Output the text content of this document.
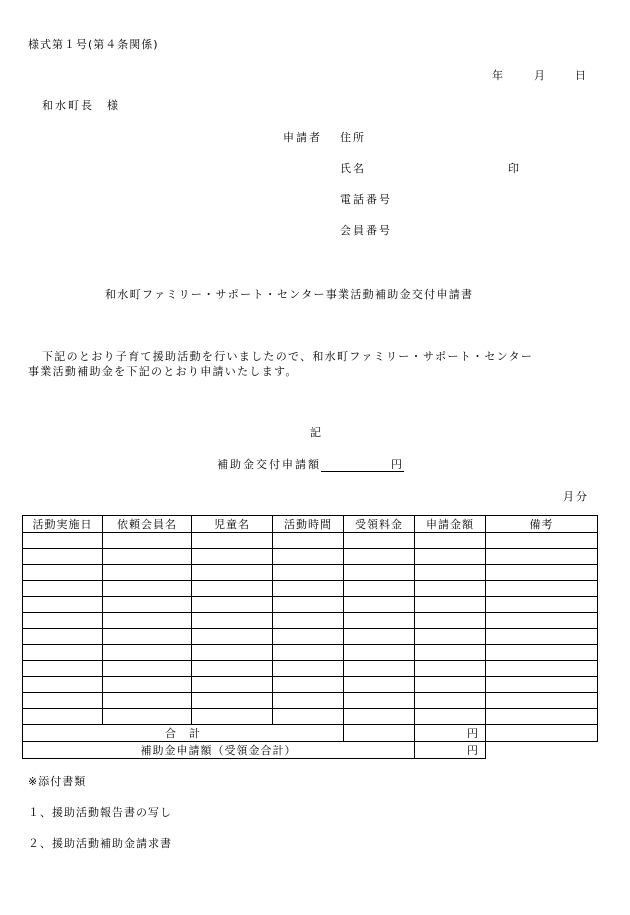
様式第１号(第４条関係)
年	月	日
和水町長　様
申請者 住所
氏名	印
電話番号
会員番号
和水町ファミリー・サポート・センター事業活動補助金交付申請書
下記のとおり子育て援助活動を行いましたので、和水町ファミリー・サポート・センター
事業活動補助金を下記のとおり申請いたします。
記
補助金交付申請額	円
月分
活動実施日	依頼会員名	児童名	活動時間	受領料金	申請金額	備考

合　計					円	
補助金申請額（受領金合計）					円	
※添付書類
１、援助活動報告書の写し
２、援助活動補助金請求書
